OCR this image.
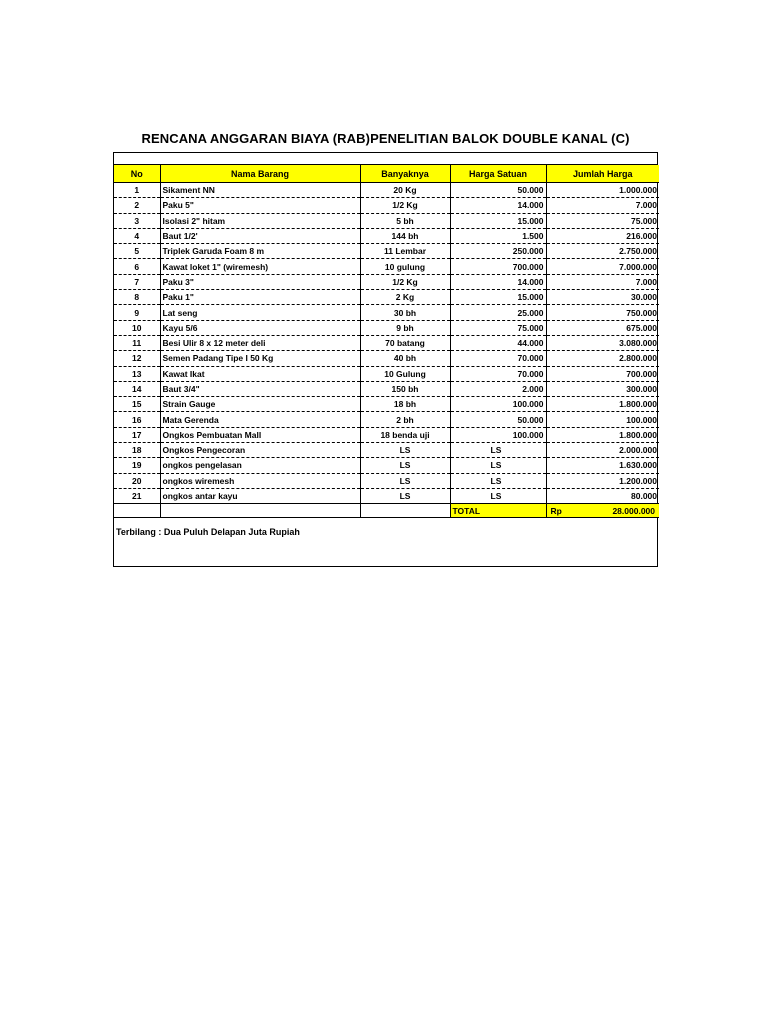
RENCANA ANGGARAN BIAYA (RAB)PENELITIAN BALOK DOUBLE KANAL (C)
No	Nama Barang	Banyaknya	Harga Satuan	Jumlah Harga
1	Sikament NN	20 Kg	50.000	1.000.000
2	Paku 5"	1/2 Kg	14.000	7.000
3	Isolasi 2" hitam	5 bh	15.000	75.000
4	Baut 1/2'	144 bh	1.500	216.000
5	Triplek Garuda Foam 8 m	11 Lembar	250.000	2.750.000
6	Kawat loket 1" (wiremesh)	10 gulung	700.000	7.000.000
7	Paku 3"	1/2 Kg	14.000	7.000
8	Paku 1"	2 Kg	15.000	30.000
9	Lat seng	30 bh	25.000	750.000
10	Kayu 5/6	9 bh	75.000	675.000
11	Besi Ulir 8 x 12 meter deli	70 batang	44.000	3.080.000
12	Semen Padang Tipe I 50 Kg	40 bh	70.000	2.800.000
13	Kawat Ikat	10 Gulung	70.000	700.000
14	Baut 3/4"	150 bh	2.000	300.000
15	Strain Gauge	18 bh	100.000	1.800.000
16	Mata Gerenda	2 bh	50.000	100.000
17	Ongkos Pembuatan Mall	18 benda uji	100.000	1.800.000
18	Ongkos Pengecoran	LS	LS	2.000.000
19	ongkos pengelasan	LS	LS	1.630.000
20	ongkos wiremesh	LS	LS	1.200.000
21	ongkos antar kayu	LS	LS	80.000
			TOTAL	Rp 28.000.000
Terbilang : Dua Puluh Delapan Juta Rupiah
